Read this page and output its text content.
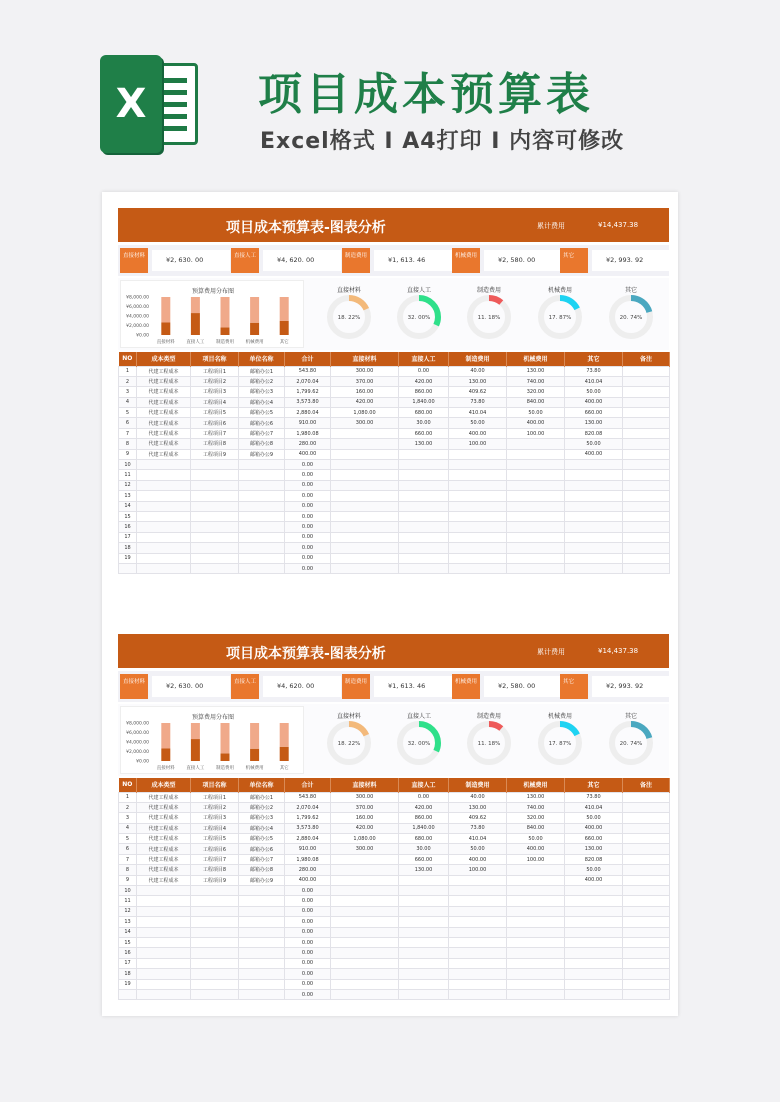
X	项目成本预算表
Excel格式 I A4打印 I 内容可修改
项目成本预算表-图表分析	累计费用	¥14,437.38
直接材料	¥2, 630. 00	直接人工	¥4, 620. 00	制造费用	¥1, 613. 46	机械费用	¥2, 580. 00	其它	¥2, 993. 92
预算费用分布图
¥8,000.00
¥6,000.00
¥4,000.00
¥2,000.00
¥0.00
直接材料	直接人工	制造费用	机械费用	其它
直接材料
18. 22%
直接人工
32. 00%
制造费用
11. 18%
机械费用
17. 87%
其它
20. 74%
NO	成本类型	项目名称	单位名称	合计	直接材料	直接人工	制造费用	机械费用	其它	备注
1	代建工程成本	工程项目1	邮箱办公1	543.80	300.00	0.00	40.00	130.00	73.80	
2	代建工程成本	工程项目2	邮箱办公2	2,070.04	370.00	420.00	130.00	740.00	410.04	
3	代建工程成本	工程项目3	邮箱办公3	1,799.62	160.00	860.00	409.62	320.00	50.00	
4	代建工程成本	工程项目4	邮箱办公4	3,573.80	420.00	1,840.00	73.80	840.00	400.00	
5	代建工程成本	工程项目5	邮箱办公5	2,880.04	1,080.00	680.00	410.04	50.00	660.00	
6	代建工程成本	工程项目6	邮箱办公6	910.00	300.00	30.00	50.00	400.00	130.00	
7	代建工程成本	工程项目7	邮箱办公7	1,980.08		660.00	400.00	100.00	820.08	
8	代建工程成本	工程项目8	邮箱办公8	280.00		130.00	100.00		50.00	
9	代建工程成本	工程项目9	邮箱办公9	400.00					400.00	
10				0.00						
11				0.00						
12				0.00						
13				0.00						
14				0.00						
15				0.00						
16				0.00						
17				0.00						
18				0.00						
19				0.00						
				0.00						
项目成本预算表-图表分析	累计费用	¥14,437.38
直接材料	¥2, 630. 00	直接人工	¥4, 620. 00	制造费用	¥1, 613. 46	机械费用	¥2, 580. 00	其它	¥2, 993. 92
预算费用分布图
¥8,000.00
¥6,000.00
¥4,000.00
¥2,000.00
¥0.00
直接材料	直接人工	制造费用	机械费用	其它
直接材料
18. 22%
直接人工
32. 00%
制造费用
11. 18%
机械费用
17. 87%
其它
20. 74%
NO	成本类型	项目名称	单位名称	合计	直接材料	直接人工	制造费用	机械费用	其它	备注
1	代建工程成本	工程项目1	邮箱办公1	543.80	300.00	0.00	40.00	130.00	73.80	
2	代建工程成本	工程项目2	邮箱办公2	2,070.04	370.00	420.00	130.00	740.00	410.04	
3	代建工程成本	工程项目3	邮箱办公3	1,799.62	160.00	860.00	409.62	320.00	50.00	
4	代建工程成本	工程项目4	邮箱办公4	3,573.80	420.00	1,840.00	73.80	840.00	400.00	
5	代建工程成本	工程项目5	邮箱办公5	2,880.04	1,080.00	680.00	410.04	50.00	660.00	
6	代建工程成本	工程项目6	邮箱办公6	910.00	300.00	30.00	50.00	400.00	130.00	
7	代建工程成本	工程项目7	邮箱办公7	1,980.08		660.00	400.00	100.00	820.08	
8	代建工程成本	工程项目8	邮箱办公8	280.00		130.00	100.00		50.00	
9	代建工程成本	工程项目9	邮箱办公9	400.00					400.00	
10				0.00						
11				0.00						
12				0.00						
13				0.00						
14				0.00						
15				0.00						
16				0.00						
17				0.00						
18				0.00						
19				0.00						
				0.00						
